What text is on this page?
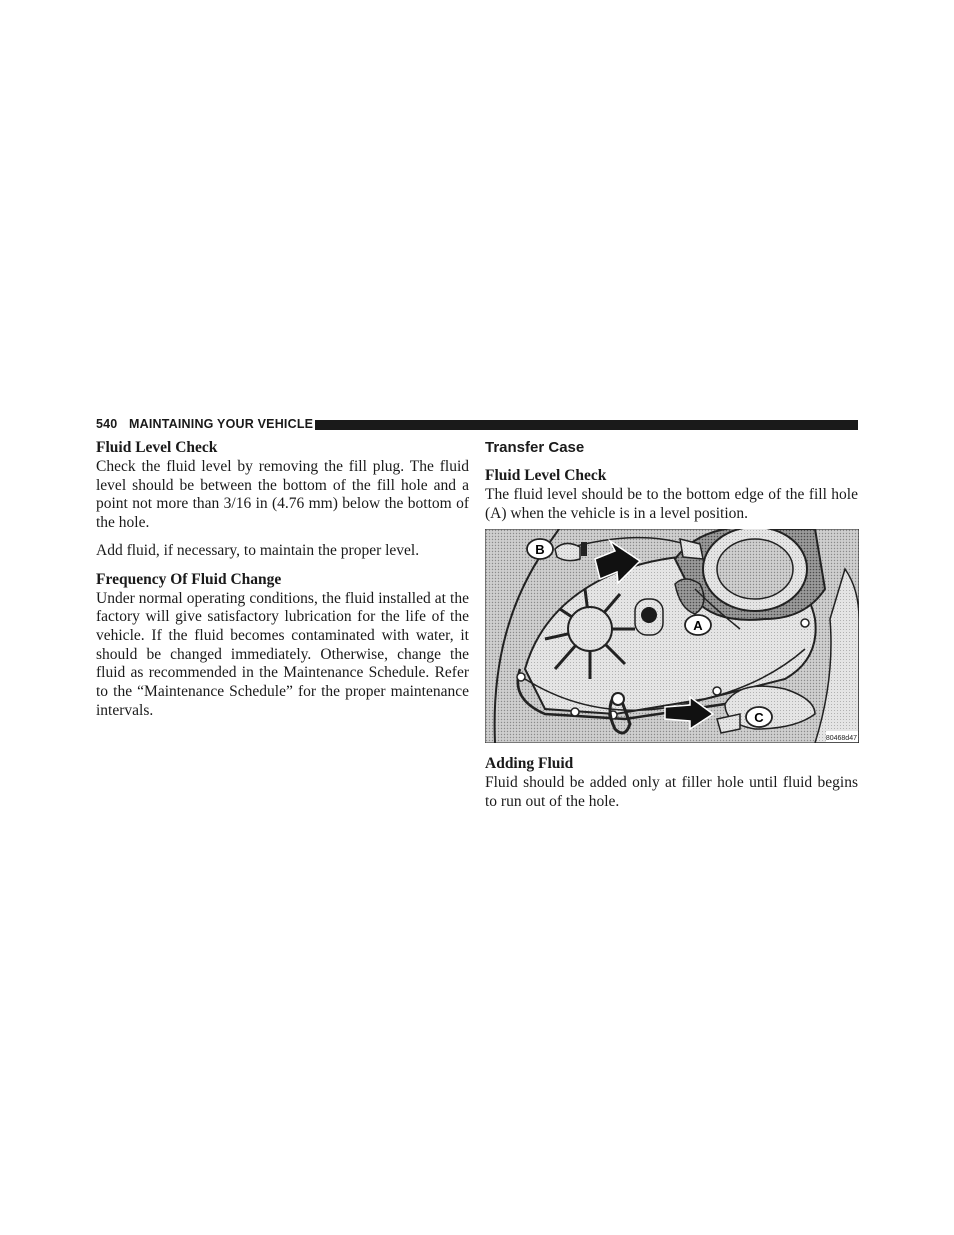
540 MAINTAINING YOUR VEHICLE
Fluid Level Check

Check the fluid level by removing the fill plug. The fluid level should be between the bottom of the fill hole and a point not more than 3/16 in (4.76 mm) below the bottom of the hole.

Add fluid, if necessary, to maintain the proper level.

Frequency Of Fluid Change

Under normal operating conditions, the fluid installed at the factory will give satisfactory lubrication for the life of the vehicle. If the fluid becomes contaminated with water, it should be changed immediately. Otherwise, change the fluid as recommended in the Maintenance Schedule. Refer to the “Maintenance Schedule” for the proper maintenance intervals.

Transfer Case
Fluid Level Check

The fluid level should be to the bottom edge of the fill hole (A) when the vehicle is in a level position.

B
A
C
80468d47
Adding Fluid

Fluid should be added only at filler hole until fluid begins to run out of the hole.
